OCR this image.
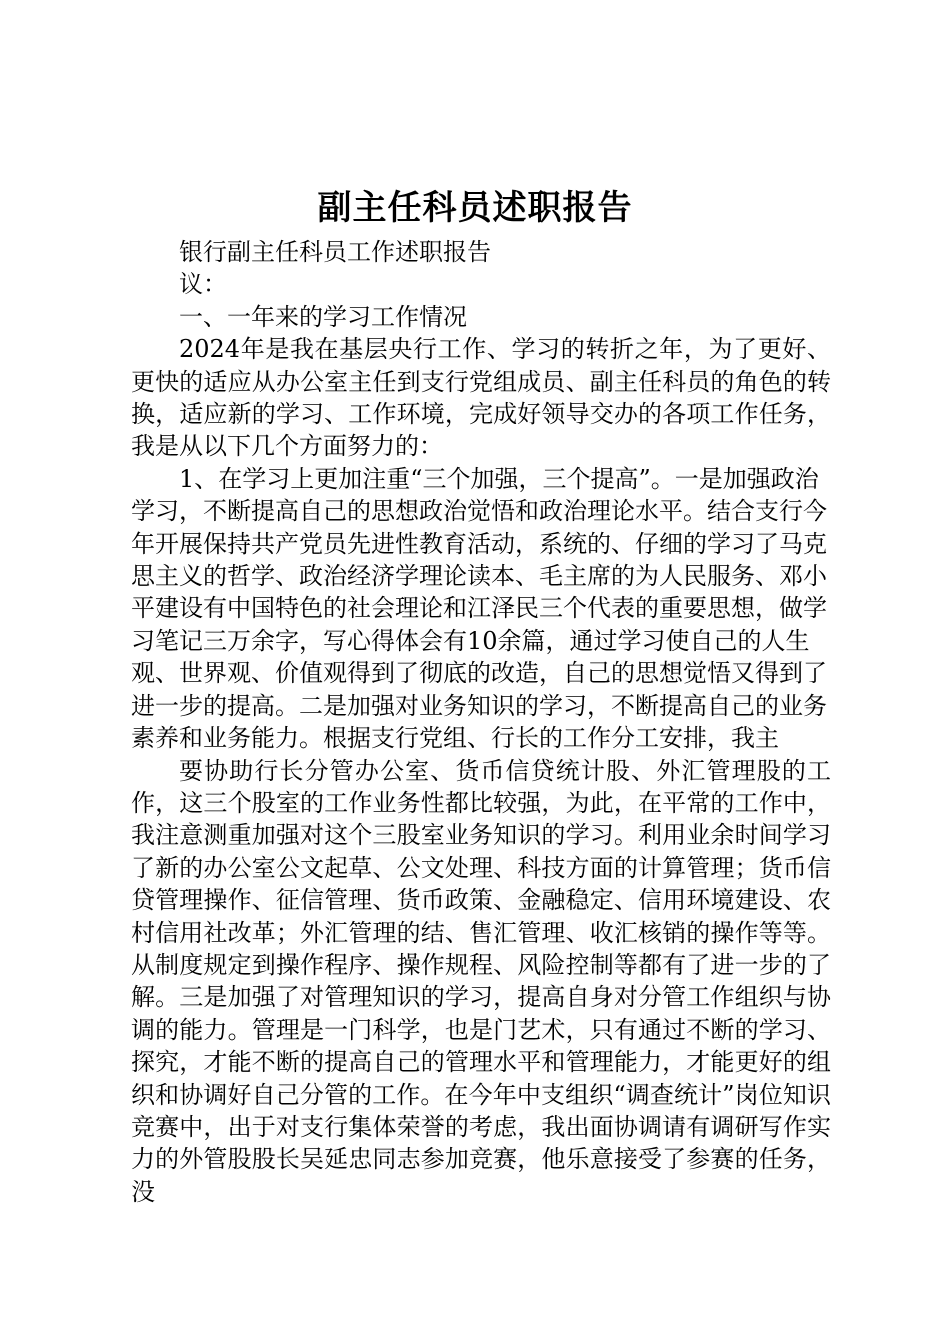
副主任科员述职报告

银行副主任科员工作述职报告

议：

一、一年来的学习工作情况

2024年是我在基层央行工作、学习的转折之年，为了更好、更快的适应从办公室主任到支行党组成员、副主任科员的角色的转换，适应新的学习、工作环境，完成好领导交办的各项工作任务，我是从以下几个方面努力的：

1、在学习上更加注重“三个加强，三个提高”。一是加强政治学习，不断提高自己的思想政治觉悟和政治理论水平。结合支行今年开展保持共产党员先进性教育活动，系统的、仔细的学习了马克思主义的哲学、政治经济学理论读本、毛主席的为人民服务、邓小平建设有中国特色的社会理论和江泽民三个代表的重要思想，做学习笔记三万余字，写心得体会有10余篇，通过学习使自己的人生观、世界观、价值观得到了彻底的改造，自己的思想觉悟又得到了进一步的提高。二是加强对业务知识的学习，不断提高自己的业务素养和业务能力。根据支行党组、行长的工作分工安排，我主

要协助行长分管办公室、货币信贷统计股、外汇管理股的工作，这三个股室的工作业务性都比较强，为此，在平常的工作中，我注意测重加强对这个三股室业务知识的学习。利用业余时间学习了新的办公室公文起草、公文处理、科技方面的计算管理；货币信贷管理操作、征信管理、货币政策、金融稳定、信用环境建设、农村信用社改革；外汇管理的结、售汇管理、收汇核销的操作等等。从制度规定到操作程序、操作规程、风险控制等都有了进一步的了解。三是加强了对管理知识的学习，提高自身对分管工作组织与协调的能力。管理是一门科学，也是门艺术，只有通过不断的学习、探究，才能不断的提高自己的管理水平和管理能力，才能更好的组织和协调好自己分管的工作。在今年中支组织“调查统计”岗位知识竞赛中，出于对支行集体荣誉的考虑，我出面协调请有调研写作实力的外管股股长吴延忠同志参加竞赛，他乐意接受了参赛的任务，没
